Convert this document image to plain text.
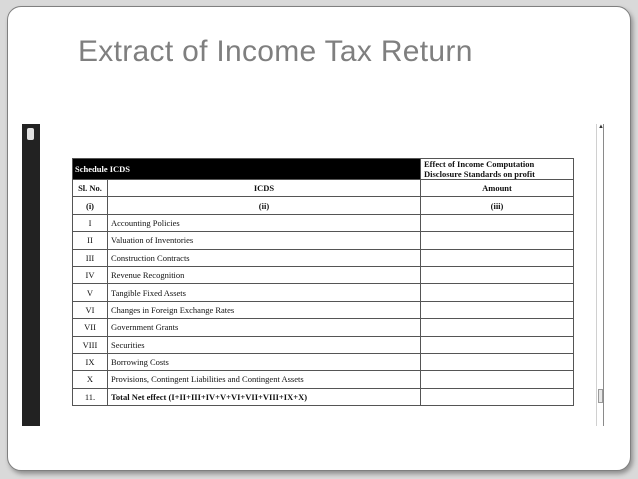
Extract of Income Tax Return
Schedule ICDS		Effect of Income Computation Disclosure Standards on profit
Sl. No.	ICDS	Amount
(i)	(ii)	(iii)
I	Accounting Policies	
II	Valuation of Inventories	
III	Construction Contracts	
IV	Revenue Recognition	
V	Tangible Fixed Assets	
VI	Changes in Foreign Exchange Rates	
VII	Government Grants	
VIII	Securities	
IX	Borrowing Costs	
X	Provisions, Contingent Liabilities and Contingent Assets	
11.	Total Net effect (I+II+III+IV+V+VI+VII+VIII+IX+X)	
▲
